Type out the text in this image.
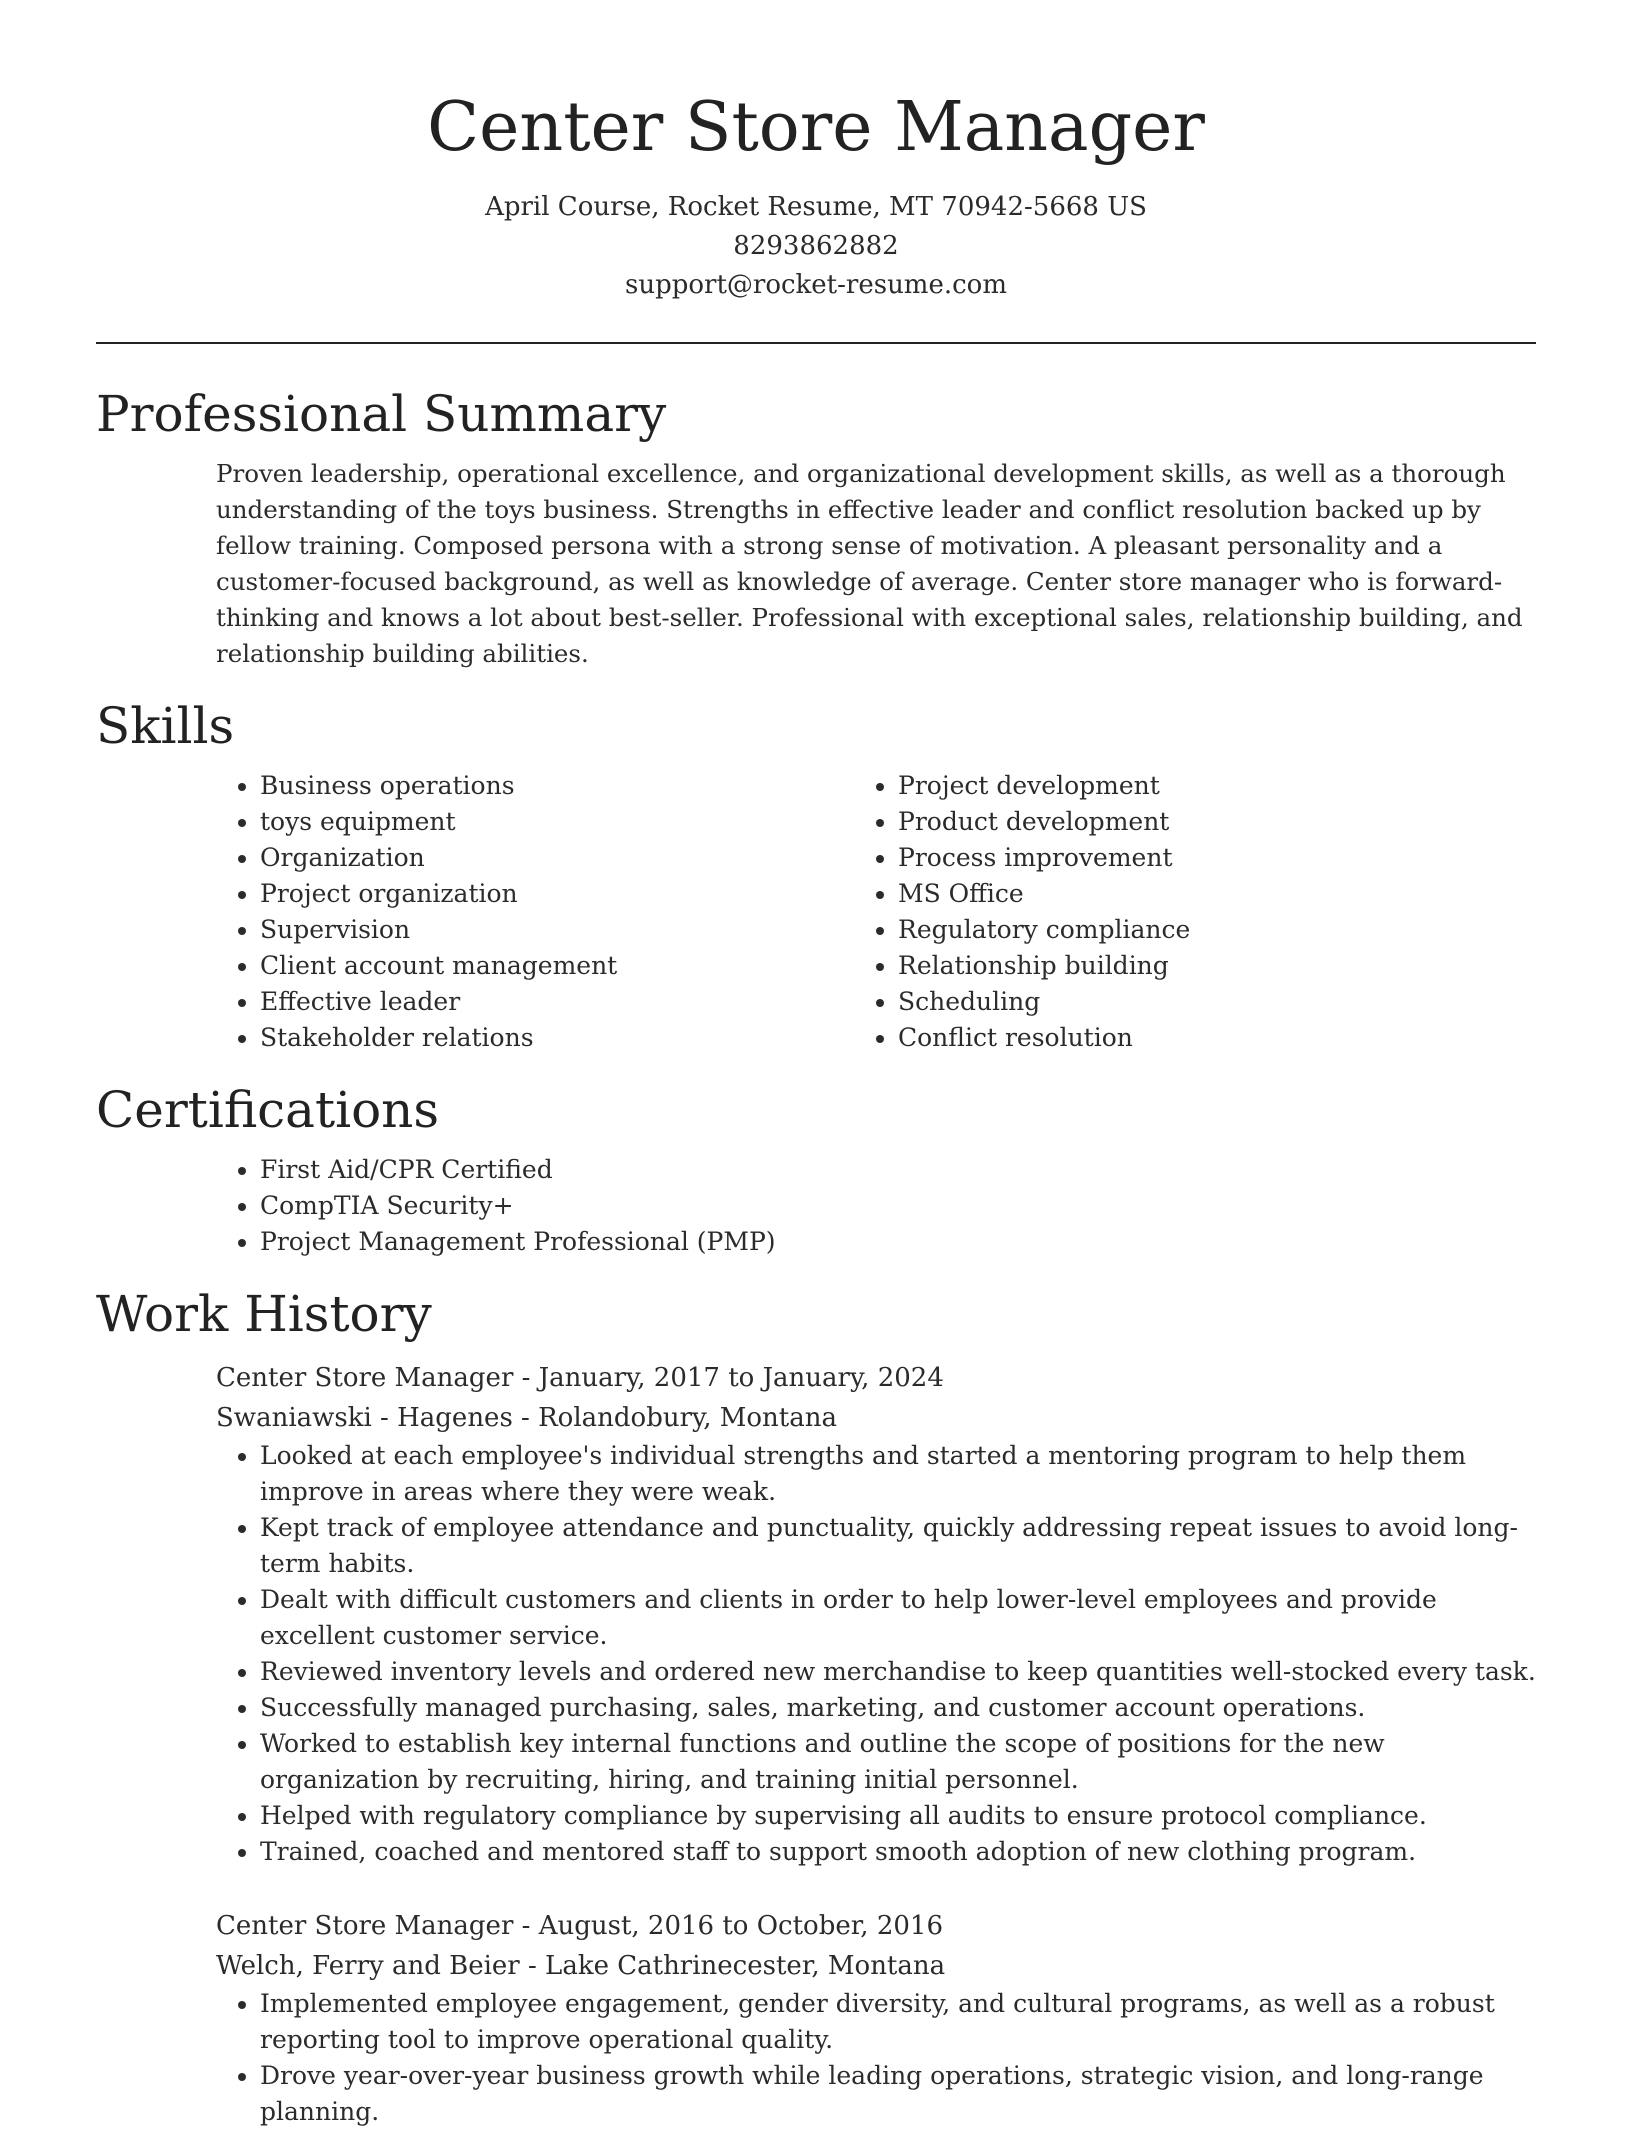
Center Store Manager
April Course, Rocket Resume, MT 70942-5668 US
8293862882
support@rocket-resume.com
Professional Summary
Proven leadership, operational excellence, and organizational development skills, as well as a thorough understanding of the toys business. Strengths in effective leader and conflict resolution backed up by fellow training. Composed persona with a strong sense of motivation. A pleasant personality and a customer-focused background, as well as knowledge of average. Center store manager who is forward-thinking and knows a lot about best-seller. Professional with exceptional sales, relationship building, and relationship building abilities.
Skills
• Business operations
• toys equipment
• Organization
• Project organization
• Supervision
• Client account management
• Effective leader
• Stakeholder relations
• Project development
• Product development
• Process improvement
• MS Office
• Regulatory compliance
• Relationship building
• Scheduling
• Conflict resolution
Certifications
• First Aid/CPR Certified
• CompTIA Security+
• Project Management Professional (PMP)
Work History
Center Store Manager - January, 2017 to January, 2024
Swaniawski - Hagenes - Rolandobury, Montana
• Looked at each employee's individual strengths and started a mentoring program to help them improve in areas where they were weak.
• Kept track of employee attendance and punctuality, quickly addressing repeat issues to avoid long-term habits.
• Dealt with difficult customers and clients in order to help lower-level employees and provide excellent customer service.
• Reviewed inventory levels and ordered new merchandise to keep quantities well-stocked every task.
• Successfully managed purchasing, sales, marketing, and customer account operations.
• Worked to establish key internal functions and outline the scope of positions for the new organization by recruiting, hiring, and training initial personnel.
• Helped with regulatory compliance by supervising all audits to ensure protocol compliance.
• Trained, coached and mentored staff to support smooth adoption of new clothing program.
Center Store Manager - August, 2016 to October, 2016
Welch, Ferry and Beier - Lake Cathrinecester, Montana
• Implemented employee engagement, gender diversity, and cultural programs, as well as a robust reporting tool to improve operational quality.
• Drove year-over-year business growth while leading operations, strategic vision, and long-range planning.
